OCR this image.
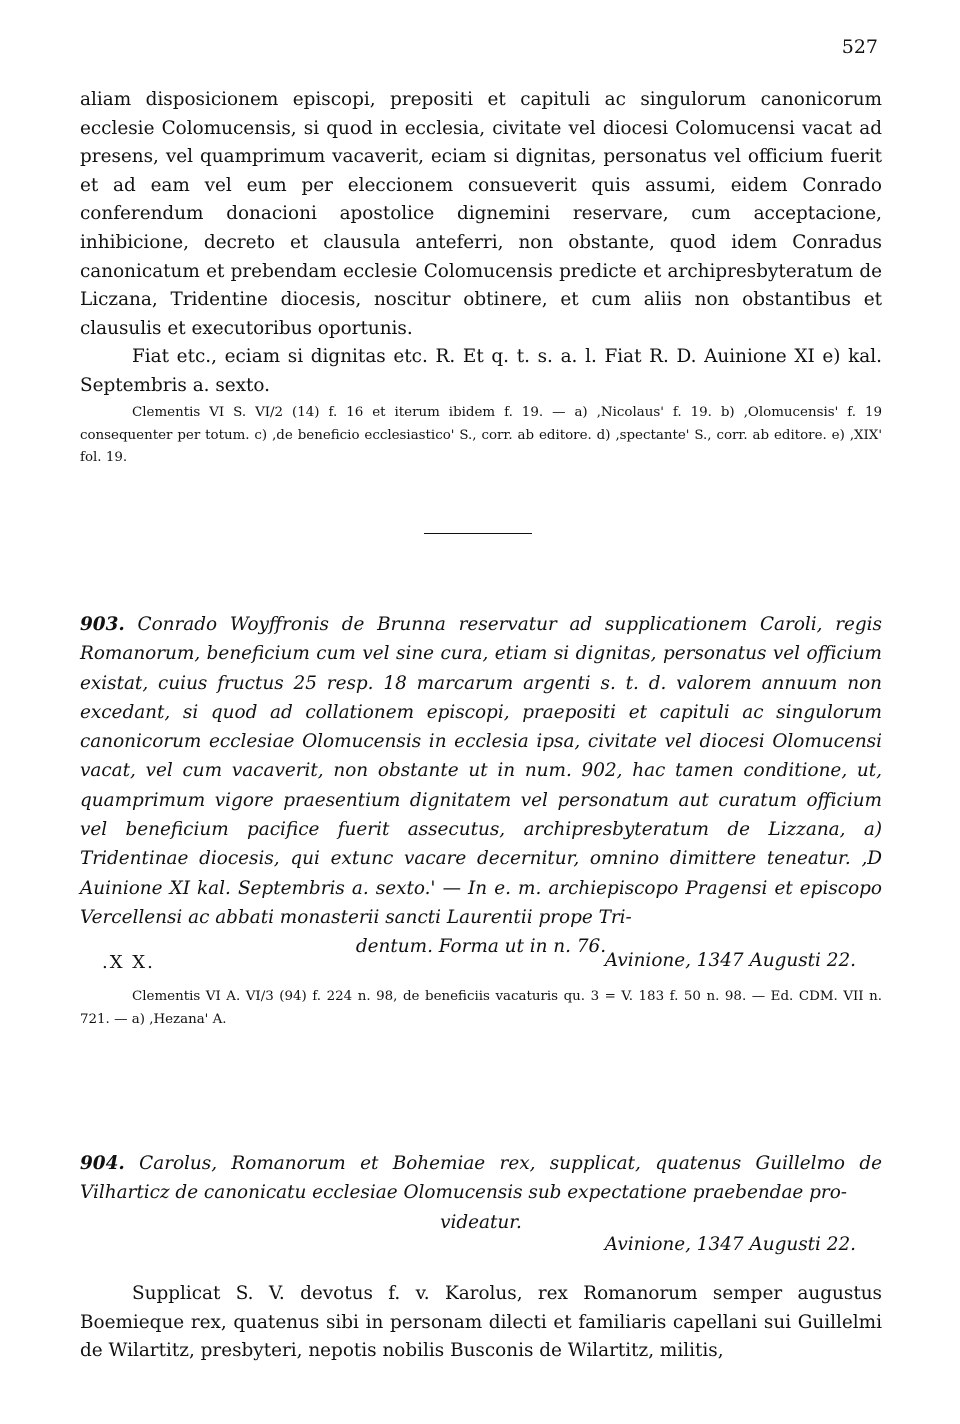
527

aliam disposicionem episcopi, prepositi et capituli ac singulorum canonicorum ecclesie Colomucensis, si quod in ecclesia, civitate vel diocesi Colomucensi vacat ad presens, vel quamprimum vacaverit, eciam si dignitas, personatus vel officium fuerit et ad eam vel eum per eleccionem consueverit quis assumi, eidem Conrado conferendum donacioni apostolice dignemini reservare, cum acceptacione, inhibicione, decreto et clausula anteferri, non obstante, quod idem Conradus canonicatum et prebendam ecclesie Colomucensis predicte et archipresbyteratum de Liczana, Tridentine diocesis, noscitur obtinere, et cum aliis non obstantibus et clausulis et executoribus oportunis.

Fiat etc., eciam si dignitas etc. R. Et q. t. s. a. l. Fiat R. D. Auinione XI e) kal. Septembris a. sexto.

Clementis VI S. VI/2 (14) f. 16 et iterum ibidem f. 19. — a) ‚Nicolaus' f. 19. b) ‚Olomucensis' f. 19 consequenter per totum. c) ‚de beneficio ecclesiastico' S., corr. ab editore. d) ‚spectante' S., corr. ab editore. e) ‚XIX' fol. 19.

903. Conrado Woyffronis de Brunna reservatur ad supplicationem Caroli, regis Romanorum, beneficium cum vel sine cura, etiam si dignitas, personatus vel officium existat, cuius fructus 25 resp. 18 marcarum argenti s. t. d. valorem annuum non excedant, si quod ad collationem episcopi, praepositi et capituli ac singulorum canonicorum ecclesiae Olomucensis in ecclesia ipsa, civitate vel diocesi Olomucensi vacat, vel cum vacaverit, non obstante ut in num. 902, hac tamen conditione, ut, quamprimum vigore praesentium dignitatem vel personatum aut curatum officium vel beneficium pacifice fuerit assecutus, archipresbyteratum de Lizzana, a) Tridentinae diocesis, qui extunc vacare decernitur, omnino dimittere teneatur. ‚D Auinione XI kal. Septembris a. sexto.' — In e. m. archiepiscopo Pragensi et episcopo Vercellensi ac abbati monasterii sancti Laurentii prope Tri-
dentum. Forma ut in n. 76.
.X X.	Avinione, 1347 Augusti 22.

Clementis VI A. VI/3 (94) f. 224 n. 98, de beneficiis vacaturis qu. 3 = V. 183 f. 50 n. 98. — Ed. CDM. VII n. 721. — a) ‚Hezana' A.

904. Carolus, Romanorum et Bohemiae rex, supplicat, quatenus Guillelmo de Vilharticz de canonicatu ecclesiae Olomucensis sub expectatione praebendae pro-
videatur.
Avinione, 1347 Augusti 22.

Supplicat S. V. devotus f. v. Karolus, rex Romanorum semper augustus Boemieque rex, quatenus sibi in personam dilecti et familiaris capellani sui Guillelmi de Wilartitz, presbyteri, nepotis nobilis Busconis de Wilartitz, militis,
